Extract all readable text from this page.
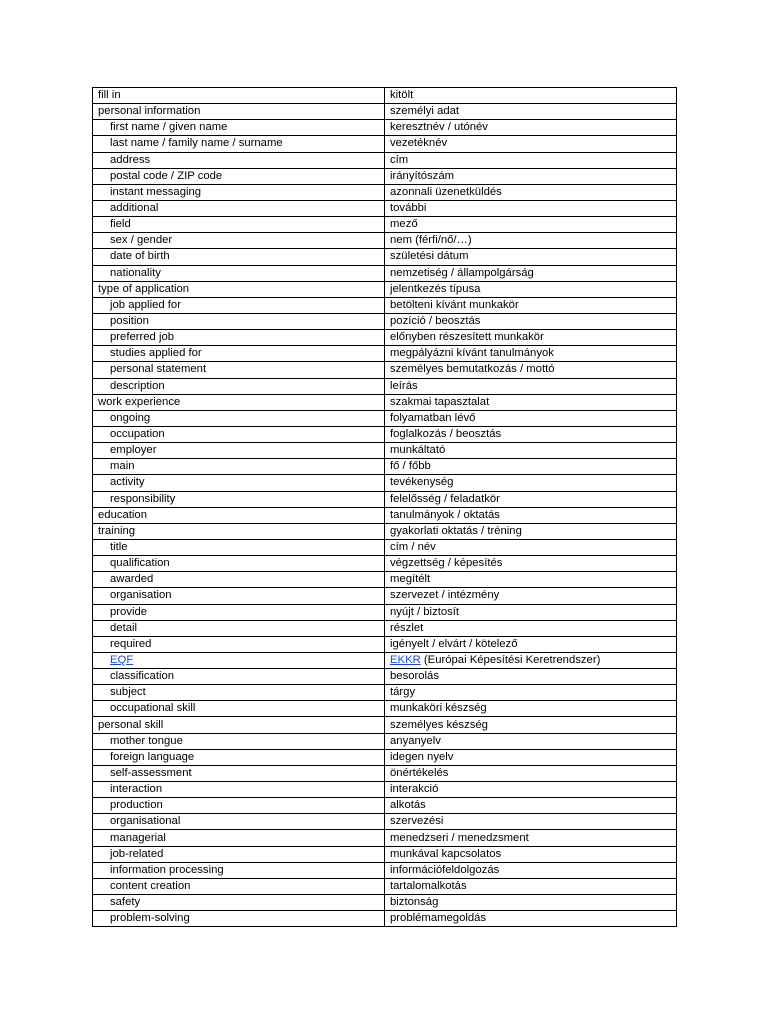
fill in	kitölt
personal information	személyi adat
first name / given name	keresztnév / utónév
last name / family name / surname	vezetéknév
address	cím
postal code / ZIP code	irányítószám
instant messaging	azonnali üzenetküldés
additional	további
field	mező
sex / gender	nem (férfi/nő/…)
date of birth	születési dátum
nationality	nemzetiség / állampolgárság
type of application	jelentkezés típusa
job applied for	betölteni kívánt munkakör
position	pozíció / beosztás
preferred job	előnyben részesített munkakör
studies applied for	megpályázni kívánt tanulmányok
personal statement	személyes bemutatkozás / mottó
description	leírás
work experience	szakmai tapasztalat
ongoing	folyamatban lévő
occupation	foglalkozás / beosztás
employer	munkáltató
main	fő / főbb
activity	tevékenység
responsibility	felelősség / feladatkör
education	tanulmányok / oktatás
training	gyakorlati oktatás / tréning
title	cím / név
qualification	végzettség / képesítés
awarded	megítélt
organisation	szervezet / intézmény
provide	nyújt / biztosít
detail	részlet
required	igényelt / elvárt / kötelező
EQF	EKKR (Európai Képesítési Keretrendszer)
classification	besorolás
subject	tárgy
occupational skill	munkaköri készség
personal skill	személyes készség
mother tongue	anyanyelv
foreign language	idegen nyelv
self-assessment	önértékelés
interaction	interakció
production	alkotás
organisational	szervezési
managerial	menedzseri / menedzsment
job-related	munkával kapcsolatos
information processing	információfeldolgozás
content creation	tartalomalkotás
safety	biztonság
problem-solving	problémamegoldás
